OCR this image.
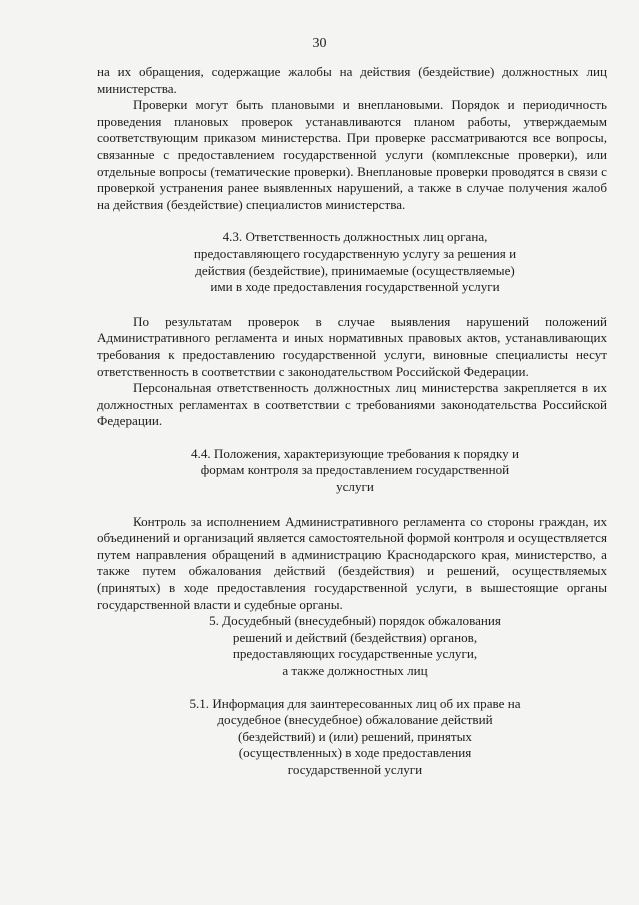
30

на их обращения, содержащие жалобы на действия (бездействие) должностных лиц министерства.

Проверки могут быть плановыми и внеплановыми. Порядок и периодичность проведения плановых проверок устанавливаются планом работы, утверждаемым соответствующим приказом министерства. При проверке рассматриваются все вопросы, связанные с предоставлением государственной услуги (комплексные проверки), или отдельные вопросы (тематические проверки). Внеплановые проверки проводятся в связи с проверкой устранения ранее выявленных нарушений, а также в случае получения жалоб на действия (бездействие) специалистов министерства.

4.3. Ответственность должностных лиц органа,
предоставляющего государственную услугу за решения и
действия (бездействие), принимаемые (осуществляемые)
ими в ходе предоставления государственной услуги

По результатам проверок в случае выявления нарушений положений Административного регламента и иных нормативных правовых актов, устанавливающих требования к предоставлению государственной услуги, виновные специалисты несут ответственность в соответствии с законодательством Российской Федерации.

Персональная ответственность должностных лиц министерства закрепляется в их должностных регламентах в соответствии с требованиями законодательства Российской Федерации.

4.4. Положения, характеризующие требования к порядку и
формам контроля за предоставлением государственной
услуги

Контроль за исполнением Административного регламента со стороны граждан, их объединений и организаций является самостоятельной формой контроля и осуществляется путем направления обращений в администрацию Краснодарского края, министерство, а также путем обжалования действий (бездействия) и решений, осуществляемых (принятых) в ходе предоставления государственной услуги, в вышестоящие органы государственной власти и судебные органы.

5. Досудебный (внесудебный) порядок обжалования
решений и действий (бездействия) органов,
предоставляющих государственные услуги,
а также должностных лиц
5.1. Информация для заинтересованных лиц об их праве на
досудебное (внесудебное) обжалование действий
(бездействий) и (или) решений, принятых
(осуществленных) в ходе предоставления
государственной услуги
